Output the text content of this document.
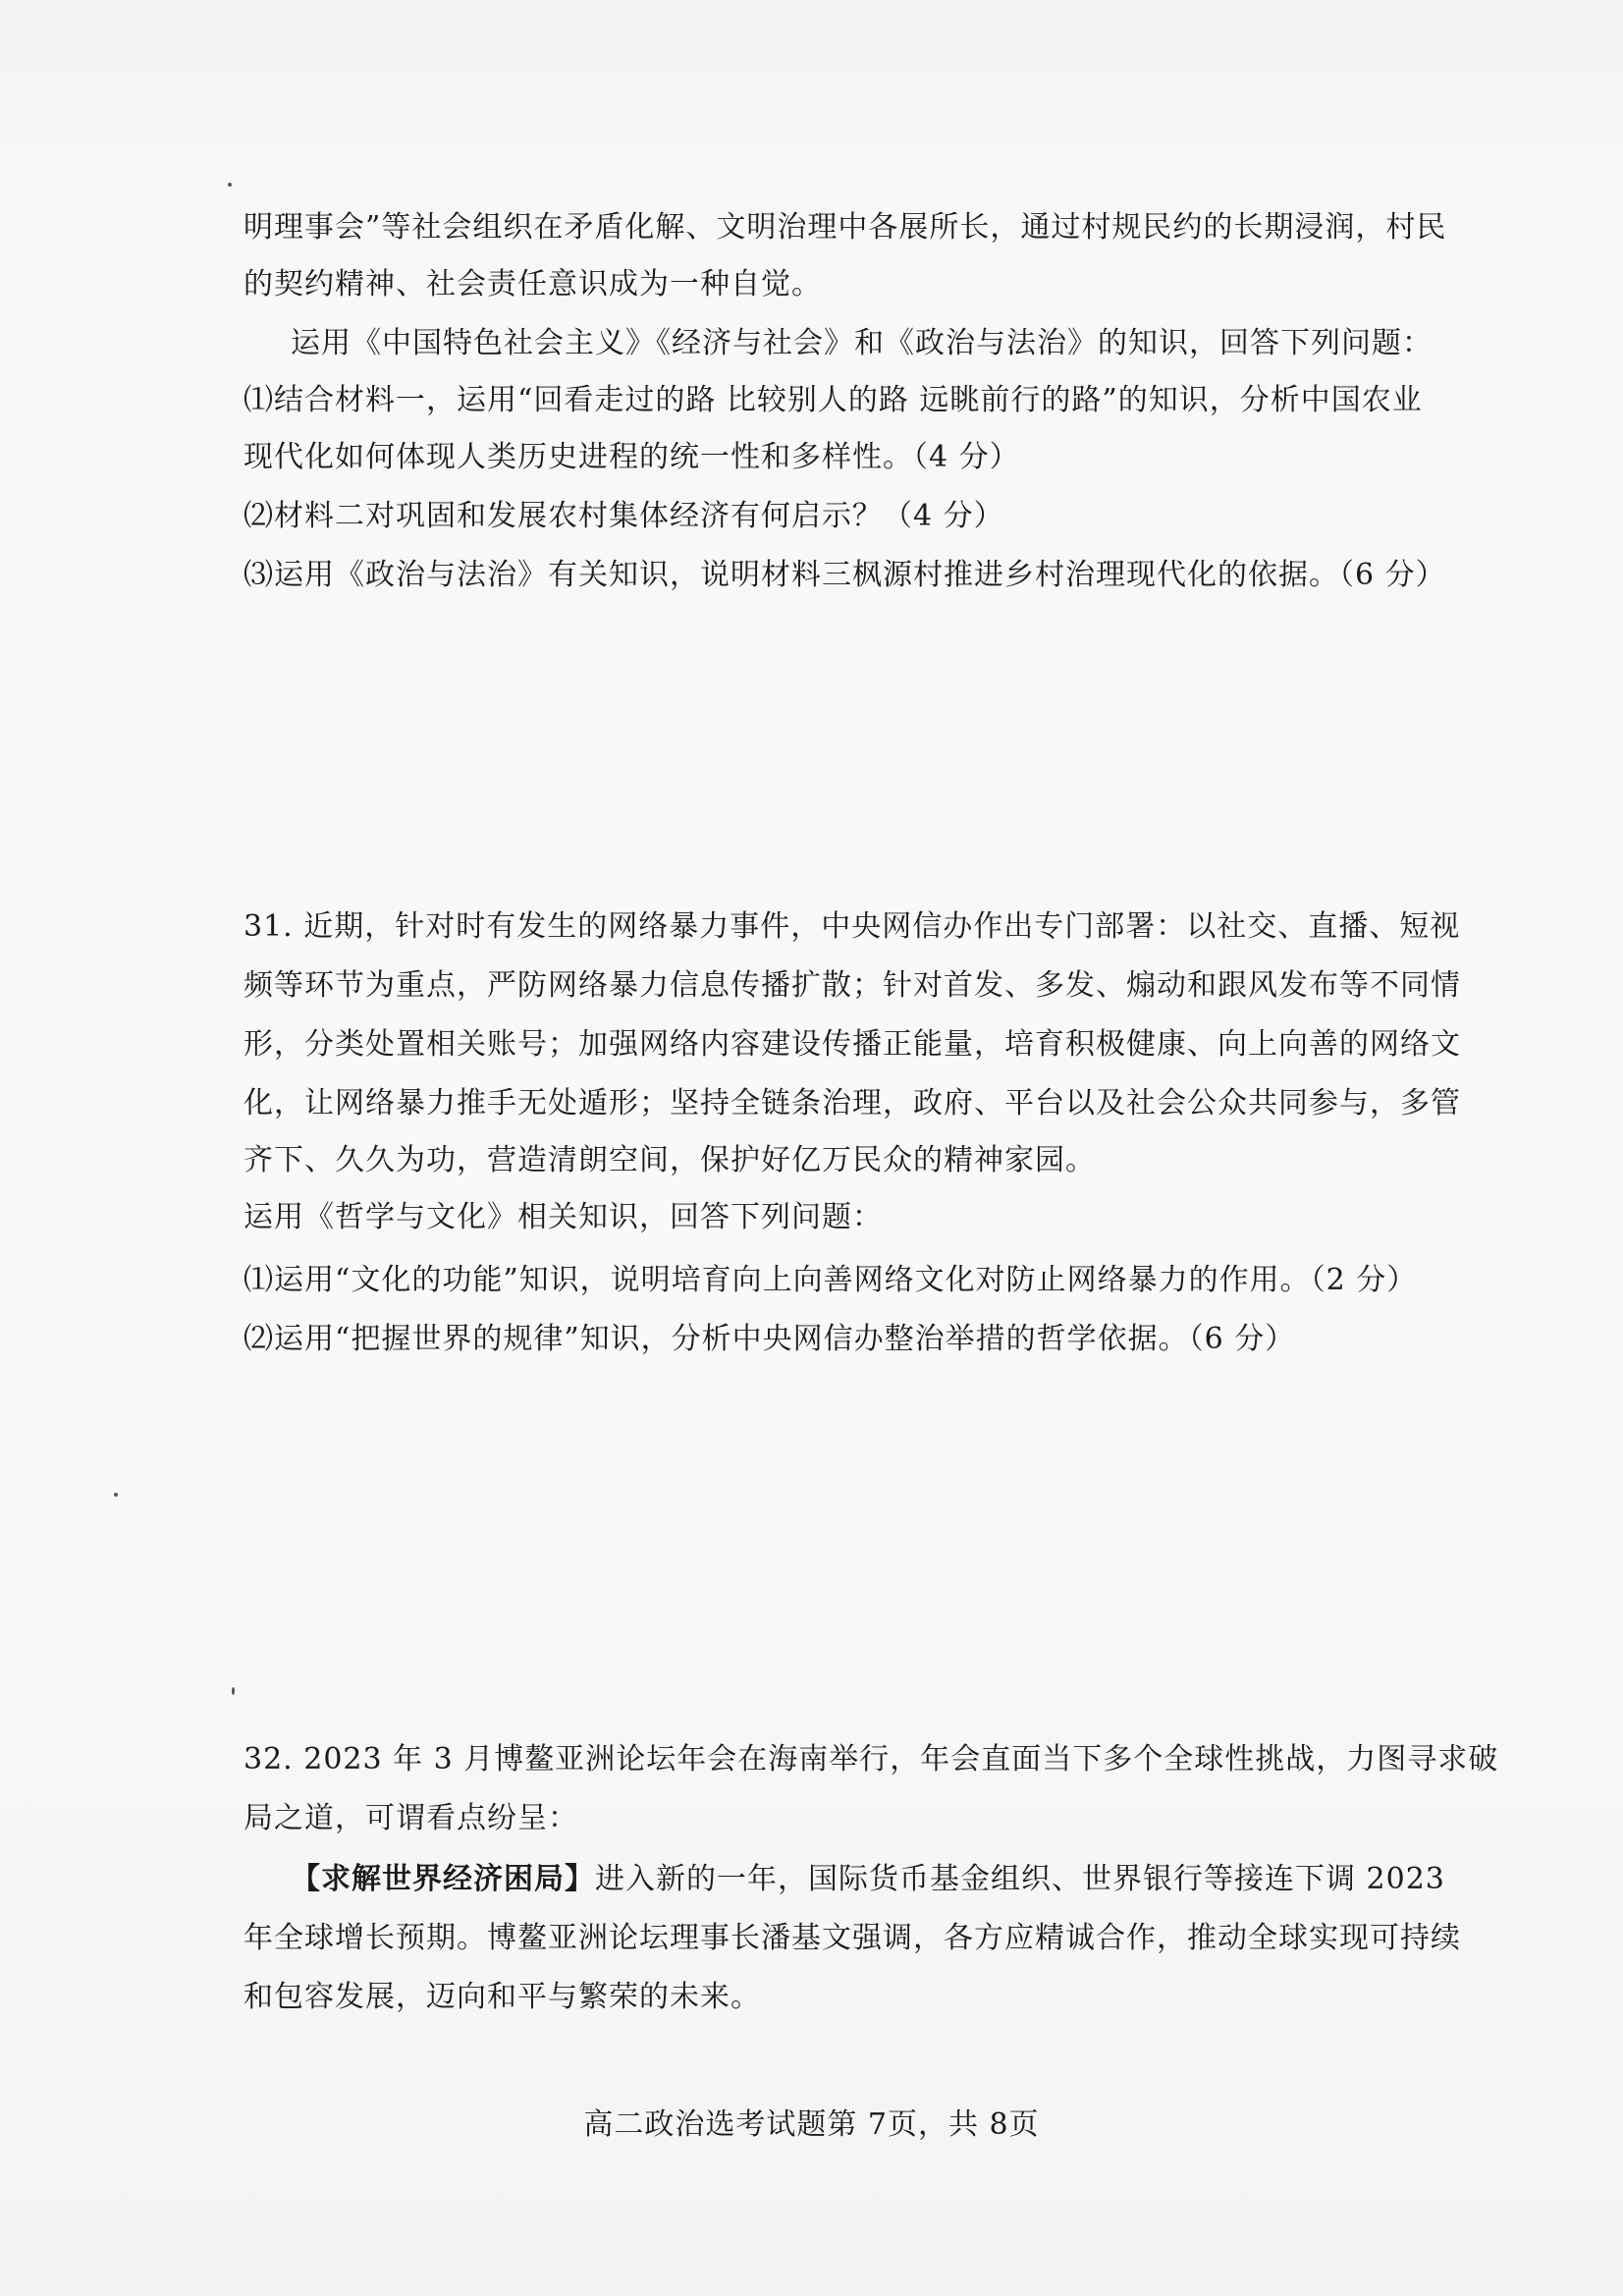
明理事会”等社会组织在矛盾化解、文明治理中各展所长，通过村规民约的长期浸润，村民
的契约精神、社会责任意识成为一种自觉。
运用《中国特色社会主义》《经济与社会》和《政治与法治》的知识，回答下列问题：
⑴结合材料一，运用“回看走过的路 比较别人的路 远眺前行的路”的知识，分析中国农业
现代化如何体现人类历史进程的统一性和多样性。（4 分）
⑵材料二对巩固和发展农村集体经济有何启示？（4 分）
⑶运用《政治与法治》有关知识，说明材料三枫源村推进乡村治理现代化的依据。（6 分）
31. 近期，针对时有发生的网络暴力事件，中央网信办作出专门部署：以社交、直播、短视
频等环节为重点，严防网络暴力信息传播扩散；针对首发、多发、煽动和跟风发布等不同情
形，分类处置相关账号；加强网络内容建设传播正能量，培育积极健康、向上向善的网络文
化，让网络暴力推手无处遁形；坚持全链条治理，政府、平台以及社会公众共同参与，多管
齐下、久久为功，营造清朗空间，保护好亿万民众的精神家园。
运用《哲学与文化》相关知识，回答下列问题：
⑴运用“文化的功能”知识，说明培育向上向善网络文化对防止网络暴力的作用。（2 分）
⑵运用“把握世界的规律”知识，分析中央网信办整治举措的哲学依据。（6 分）
32. 2023 年 3 月博鳌亚洲论坛年会在海南举行，年会直面当下多个全球性挑战，力图寻求破
局之道，可谓看点纷呈：
【求解世界经济困局】进入新的一年，国际货币基金组织、世界银行等接连下调 2023
年全球增长预期。博鳌亚洲论坛理事长潘基文强调，各方应精诚合作，推动全球实现可持续
和包容发展，迈向和平与繁荣的未来。
高二政治选考试题第 7页，共 8页
